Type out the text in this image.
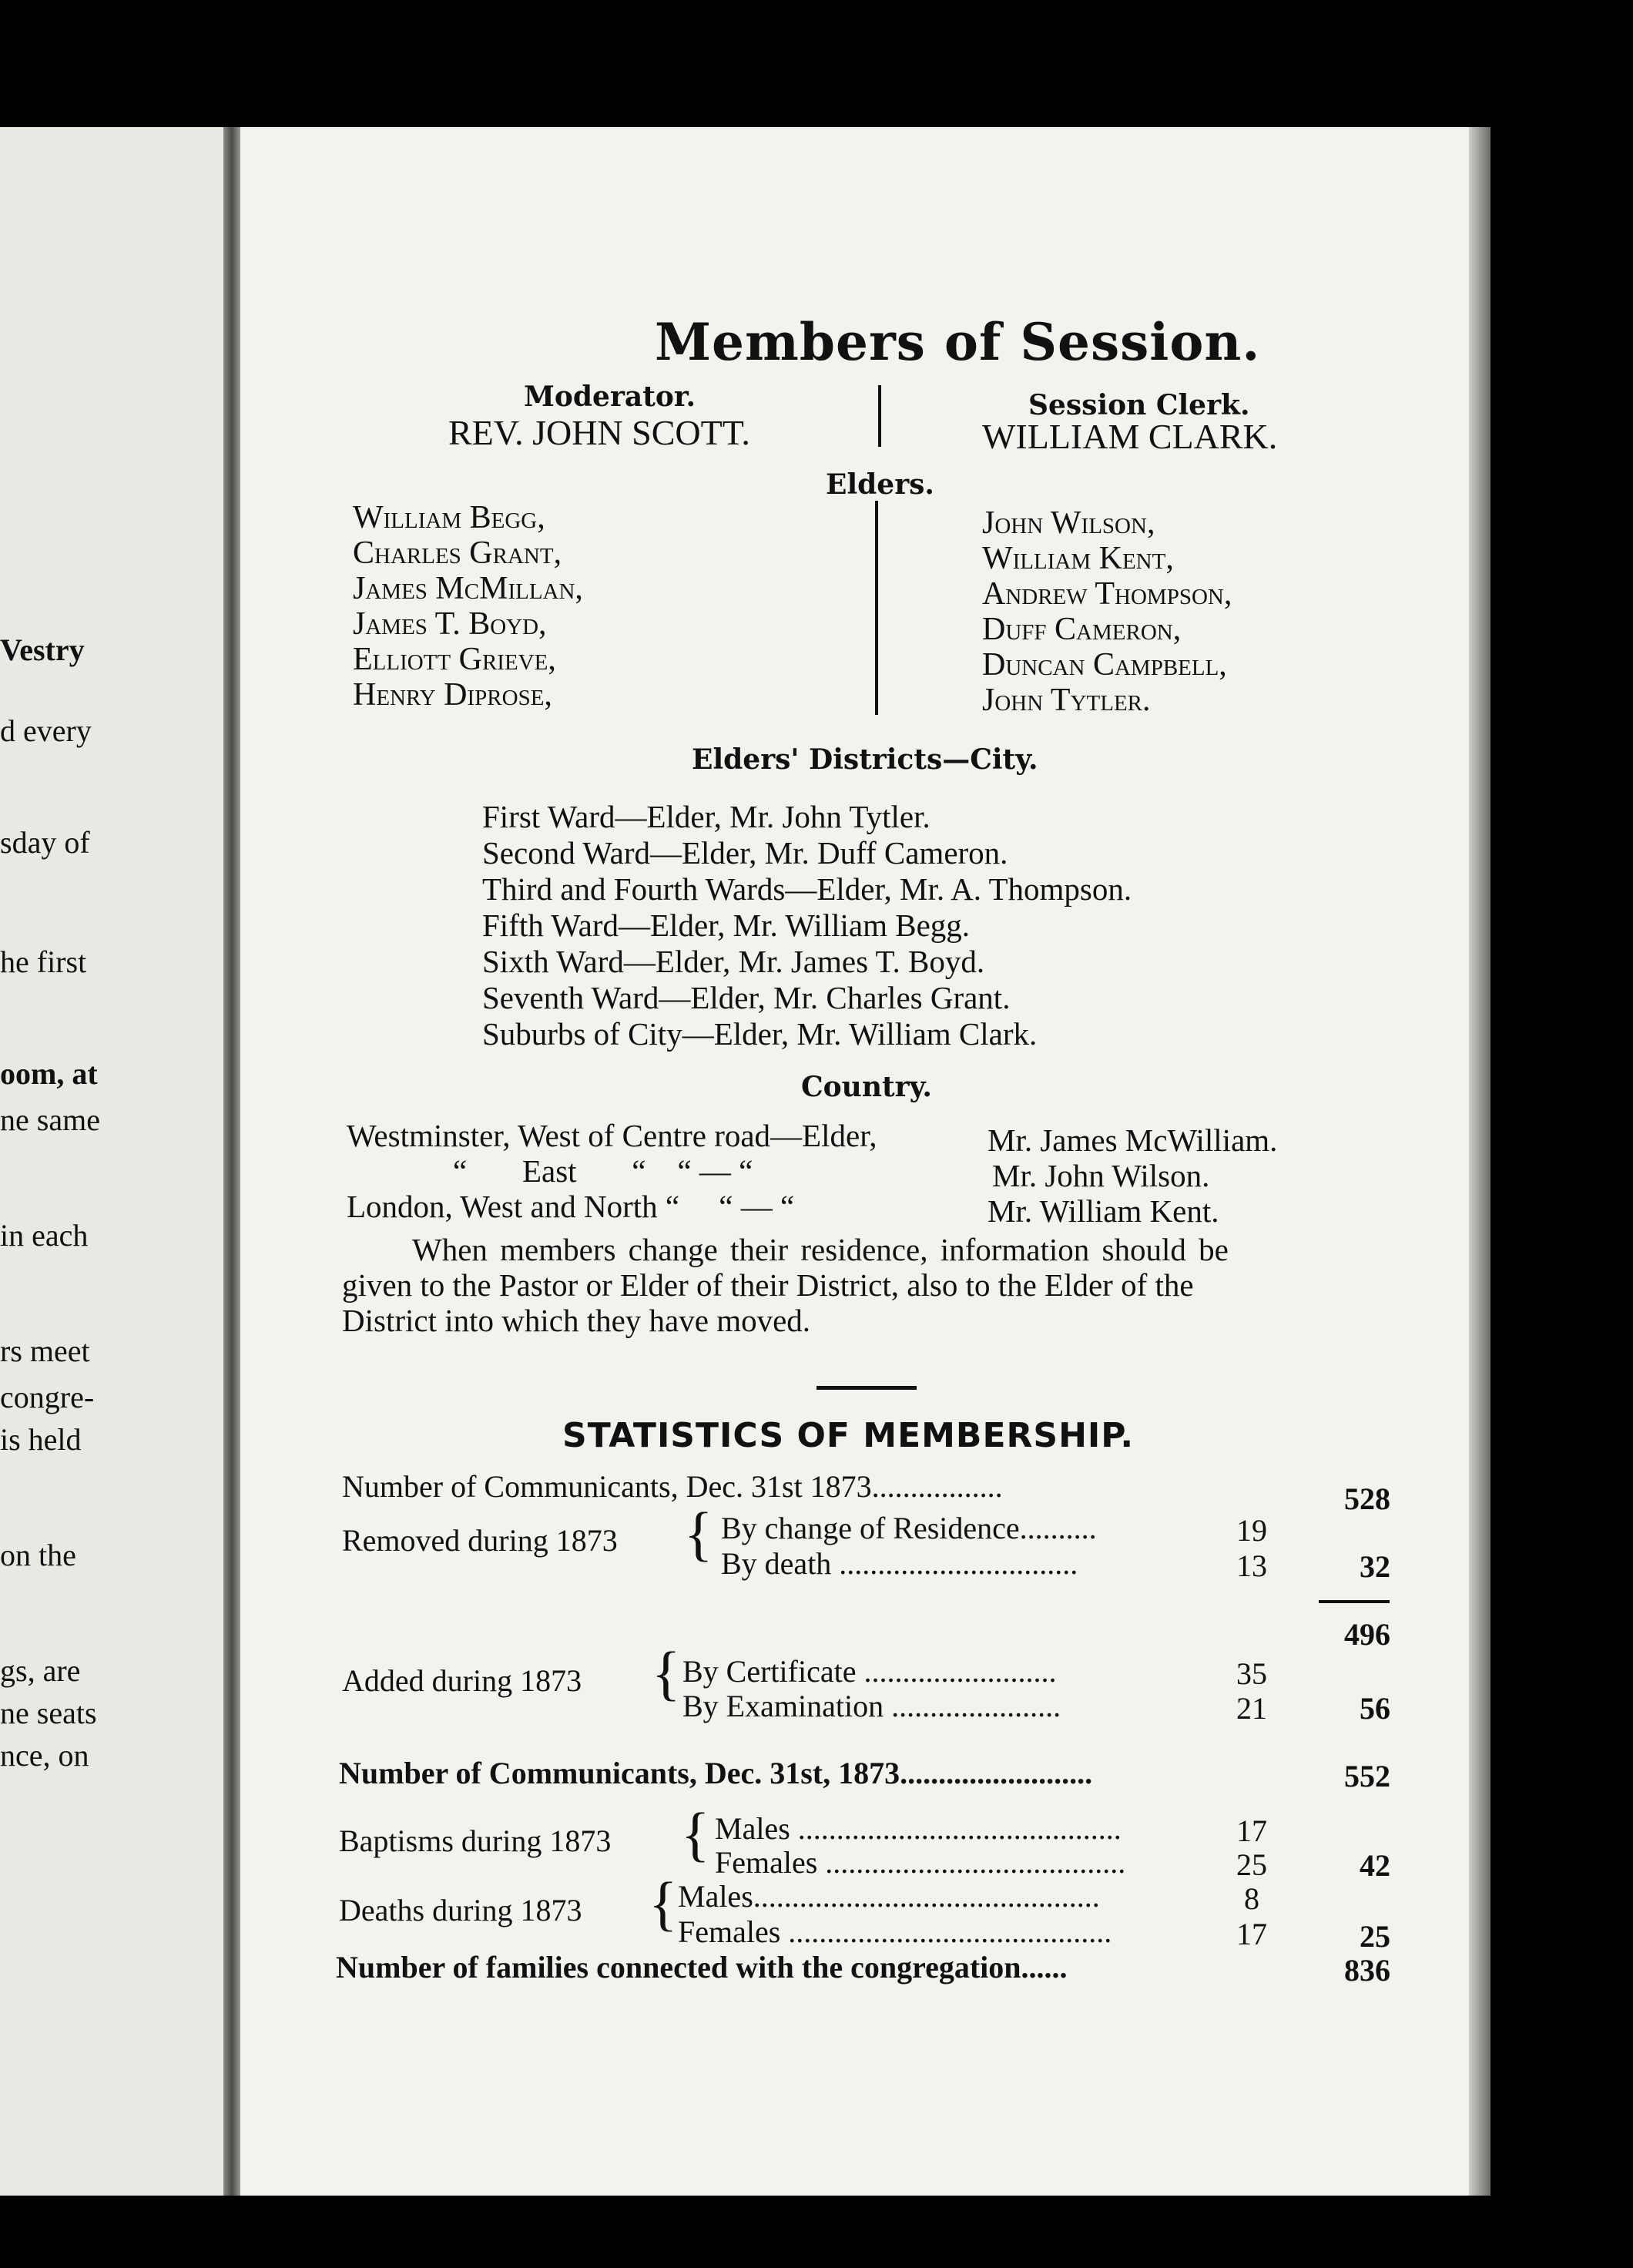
Vestry
d every
sday of
he first
oom, at
ne same
in each
rs meet
congre-
is held
on the
gs, are
ne seats
nce, on
Members of Session.
Moderator.
REV. JOHN SCOTT.
Session Clerk.
WILLIAM CLARK.
Elders.
William Begg,
Charles Grant,
James McMillan,
James T. Boyd,
Elliott Grieve,
Henry Diprose,
John Wilson,
William Kent,
Andrew Thompson,
Duff Cameron,
Duncan Campbell,
John Tytler.
Elders' Districts—City.
First Ward—Elder, Mr. John Tytler.
Second Ward—Elder, Mr. Duff Cameron.
Third and Fourth Wards—Elder, Mr. A. Thompson.
Fifth Ward—Elder, Mr. William Begg.
Sixth Ward—Elder, Mr. James T. Boyd.
Seventh Ward—Elder, Mr. Charles Grant.
Suburbs of City—Elder, Mr. William Clark.
Country.
Westminster, West of Centre road—Elder,	Mr. James McWilliam.
“       East       “    “ — “	Mr. John Wilson.
London, West and North “     “ — “	Mr. William Kent.
When members change their residence, information should be
given to the Pastor or Elder of their District, also to the Elder of the
District into which they have moved.
STATISTICS OF MEMBERSHIP.
Number of Communicants, Dec. 31st 1873.................	528
Removed during 1873 { By change of Residence..........	19
By death ...............................	13	32
496
Added during 1873 { By Certificate .........................	35
By Examination ......................	21	56
Number of Communicants, Dec. 31st, 1873.........................	552
Baptisms during 1873 { Males ..........................................	17
Females .......................................	25	42
Deaths during 1873 { Males.............................................	8
Females ..........................................	17	25
Number of families connected with the congregation......	836
